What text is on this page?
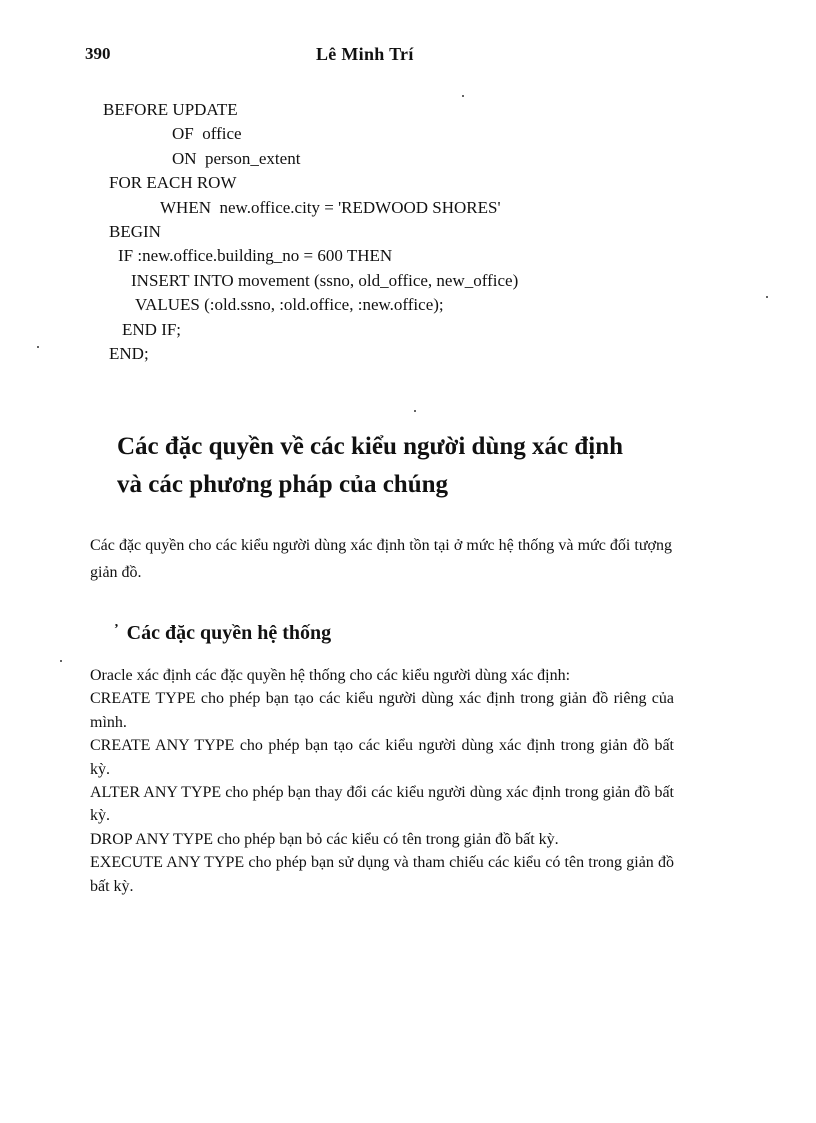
390	Lê Minh Trí
BEFORE UPDATE
OF  office
ON  person_extent
FOR EACH ROW
WHEN  new.office.city = 'REDWOOD SHORES'
BEGIN
IF :new.office.building_no = 600 THEN
INSERT INTO movement (ssno, old_office, new_office)
VALUES (:old.ssno, :old.office, :new.office);
END IF;
END;
Các đặc quyền về các kiểu người dùng xác định
và các phương pháp của chúng
Các đặc quyền cho các kiểu người dùng xác định tồn tại ở mức hệ thống và mức đối tượng giản đồ.
$^ʼ$ Các đặc quyền hệ thống

Oracle xác định các đặc quyền hệ thống cho các kiểu người dùng xác định:

CREATE TYPE cho phép bạn tạo các kiểu người dùng xác định trong giản đồ riêng của mình.

CREATE ANY TYPE cho phép bạn tạo các kiểu người dùng xác định trong giản đồ bất kỳ.

ALTER ANY TYPE cho phép bạn thay đổi các kiểu người dùng xác định trong giản đồ bất kỳ.

DROP ANY TYPE cho phép bạn bỏ các kiểu có tên trong giản đồ bất kỳ.

EXECUTE ANY TYPE cho phép bạn sử dụng và tham chiếu các kiểu có tên trong giản đồ bất kỳ.
